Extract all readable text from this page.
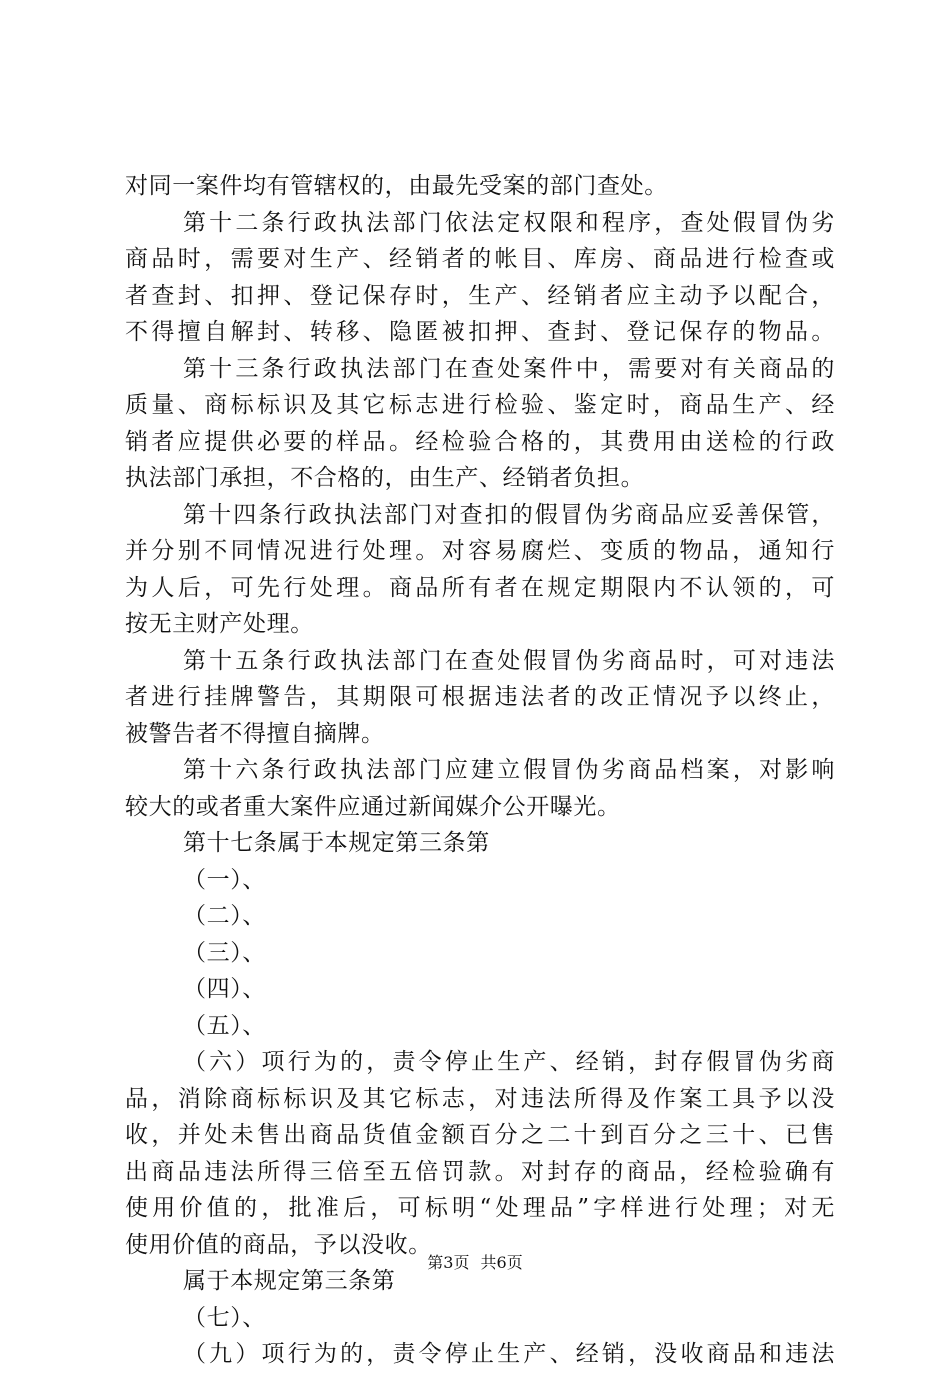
对同一案件均有管辖权的，由最先受案的部门查处。
第十二条行政执法部门依法定权限和程序，查处假冒伪劣
商品时，需要对生产、经销者的帐目、库房、商品进行检查或
者查封、扣押、登记保存时，生产、经销者应主动予以配合，
不得擅自解封、转移、隐匿被扣押、查封、登记保存的物品。
第十三条行政执法部门在查处案件中，需要对有关商品的
质量、商标标识及其它标志进行检验、鉴定时，商品生产、经
销者应提供必要的样品。经检验合格的，其费用由送检的行政
执法部门承担，不合格的，由生产、经销者负担。
第十四条行政执法部门对查扣的假冒伪劣商品应妥善保管，
并分别不同情况进行处理。对容易腐烂、变质的物品，通知行
为人后，可先行处理。商品所有者在规定期限内不认领的，可
按无主财产处理。
第十五条行政执法部门在查处假冒伪劣商品时，可对违法
者进行挂牌警告，其期限可根据违法者的改正情况予以终止，
被警告者不得擅自摘牌。
第十六条行政执法部门应建立假冒伪劣商品档案，对影响
较大的或者重大案件应通过新闻媒介公开曝光。
第十七条属于本规定第三条第
（一）、
（二）、
（三）、
（四）、
（五）、
（六）项行为的，责令停止生产、经销，封存假冒伪劣商
品，消除商标标识及其它标志，对违法所得及作案工具予以没
收，并处未售出商品货值金额百分之二十到百分之三十、已售
出商品违法所得三倍至五倍罚款。对封存的商品，经检验确有
使用价值的，批准后，可标明“处理品”字样进行处理；对无
使用价值的商品，予以没收。
属于本规定第三条第
（七）、
（九）项行为的，责令停止生产、经销，没收商品和违法
第3页 共6页
